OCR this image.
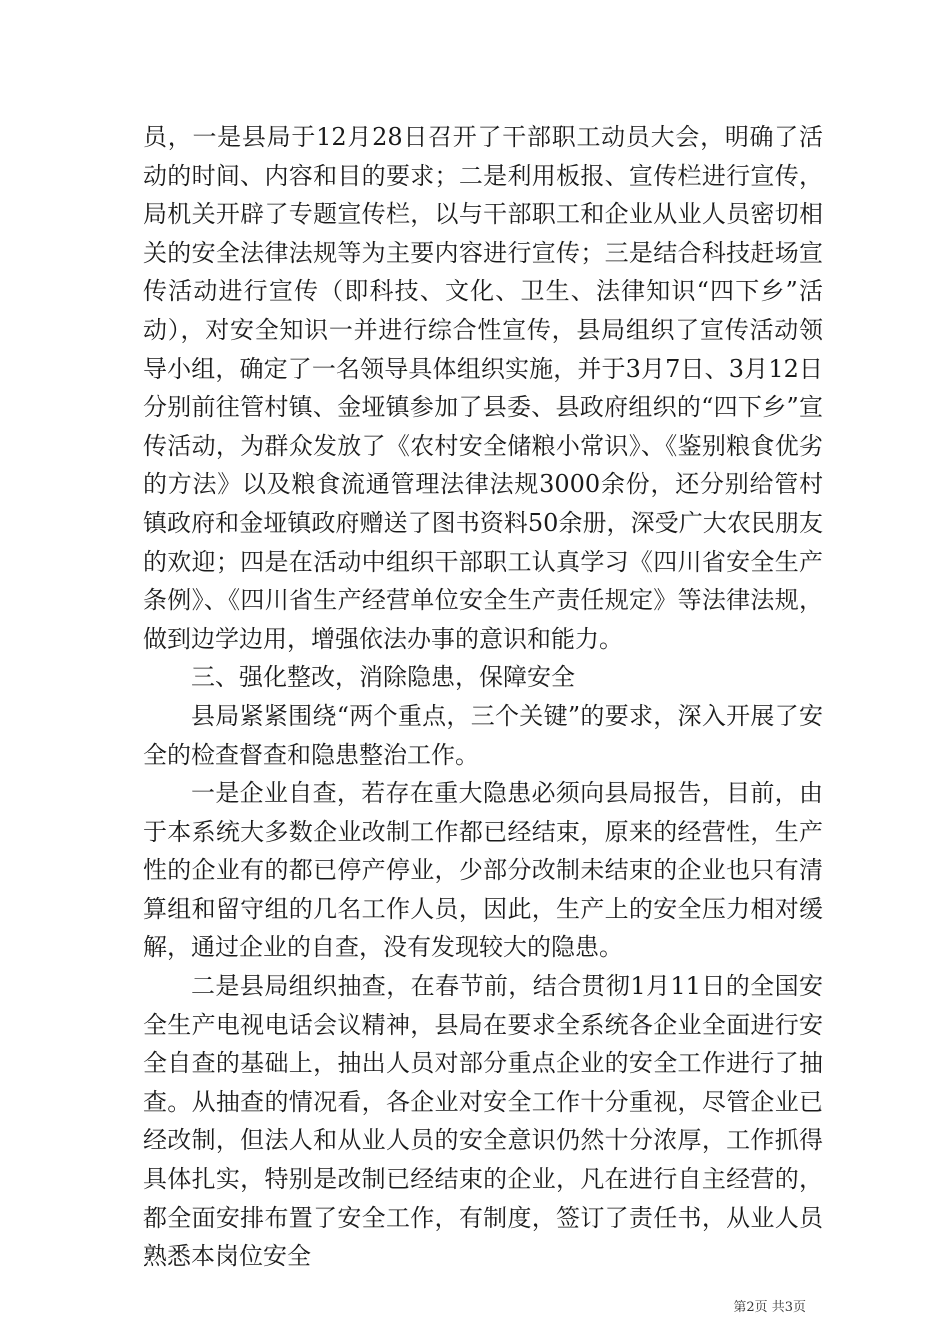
员，一是县局于12月28日召开了干部职工动员大会，明确了活动的时间、内容和目的要求；二是利用板报、宣传栏进行宣传，局机关开辟了专题宣传栏，以与干部职工和企业从业人员密切相关的安全法律法规等为主要内容进行宣传；三是结合科技赶场宣传活动进行宣传（即科技、文化、卫生、法律知识“四下乡”活动），对安全知识一并进行综合性宣传，县局组织了宣传活动领导小组，确定了一名领导具体组织实施，并于3月7日、3月12日分别前往管村镇、金垭镇参加了县委、县政府组织的“四下乡”宣传活动，为群众发放了《农村安全储粮小常识》、《鉴别粮食优劣的方法》以及粮食流通管理法律法规3000余份，还分别给管村镇政府和金垭镇政府赠送了图书资料50余册，深受广大农民朋友的欢迎；四是在活动中组织干部职工认真学习《四川省安全生产条例》、《四川省生产经营单位安全生产责任规定》等法律法规，做到边学边用，增强依法办事的意识和能力。

三、强化整改，消除隐患，保障安全

县局紧紧围绕“两个重点，三个关键”的要求，深入开展了安全的检查督查和隐患整治工作。

一是企业自查，若存在重大隐患必须向县局报告，目前，由于本系统大多数企业改制工作都已经结束，原来的经营性，生产性的企业有的都已停产停业，少部分改制未结束的企业也只有清算组和留守组的几名工作人员，因此，生产上的安全压力相对缓解，通过企业的自查，没有发现较大的隐患。

二是县局组织抽查，在春节前，结合贯彻1月11日的全国安全生产电视电话会议精神，县局在要求全系统各企业全面进行安全自查的基础上，抽出人员对部分重点企业的安全工作进行了抽查。从抽查的情况看，各企业对安全工作十分重视，尽管企业已经改制，但法人和从业人员的安全意识仍然十分浓厚，工作抓得具体扎实，特别是改制已经结束的企业，凡在进行自主经营的，都全面安排布置了安全工作，有制度，签订了责任书，从业人员熟悉本岗位安全

第2页 共3页
